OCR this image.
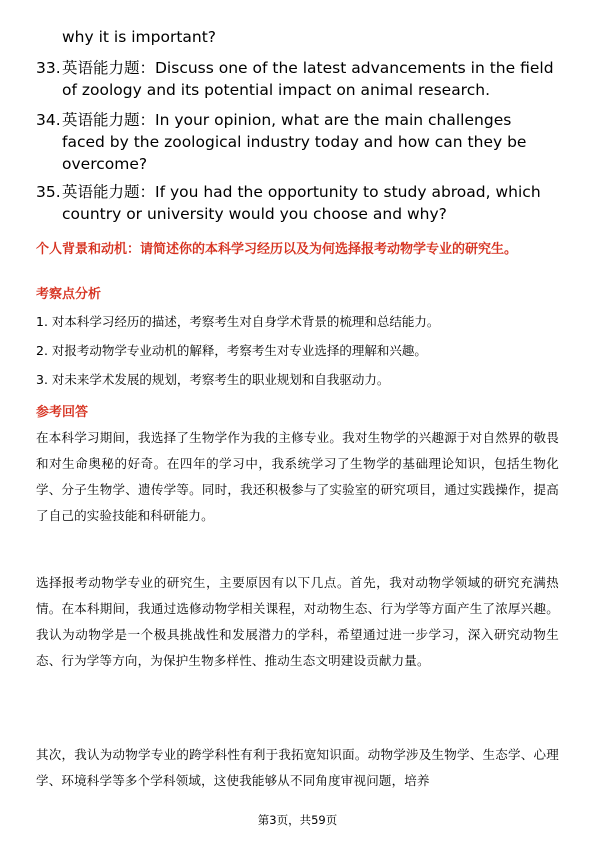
why it is important?
33. 英语能力题：Discuss one of the latest advancements in the field
of zoology and its potential impact on animal research.
34. 英语能力题：In your opinion, what are the main challenges
faced by the zoological industry today and how can they be
overcome?
35. 英语能力题：If you had the opportunity to study abroad, which
country or university would you choose and why?
个人背景和动机：请简述你的本科学习经历以及为何选择报考动物学专业的研究生。
考察点分析
1. 对本科学习经历的描述，考察考生对自身学术背景的梳理和总结能力。
2. 对报考动物学专业动机的解释，考察考生对专业选择的理解和兴趣。
3. 对未来学术发展的规划，考察考生的职业规划和自我驱动力。
参考回答
在本科学习期间，我选择了生物学作为我的主修专业。我对生物学的兴趣源于对自然界的敬畏和对生命奥秘的好奇。在四年的学习中，我系统学习了生物学的基础理论知识，包括生物化学、分子生物学、遗传学等。同时，我还积极参与了实验室的研究项目，通过实践操作，提高了自己的实验技能和科研能力。
选择报考动物学专业的研究生，主要原因有以下几点。首先，我对动物学领域的研究充满热情。在本科期间，我通过选修动物学相关课程，对动物生态、行为学等方面产生了浓厚兴趣。我认为动物学是一个极具挑战性和发展潜力的学科，希望通过进一步学习，深入研究动物生态、行为学等方向，为保护生物多样性、推动生态文明建设贡献力量。
其次，我认为动物学专业的跨学科性有利于我拓宽知识面。动物学涉及生物学、生态学、心理学、环境科学等多个学科领域，这使我能够从不同角度审视问题，培养
第3页，共59页
